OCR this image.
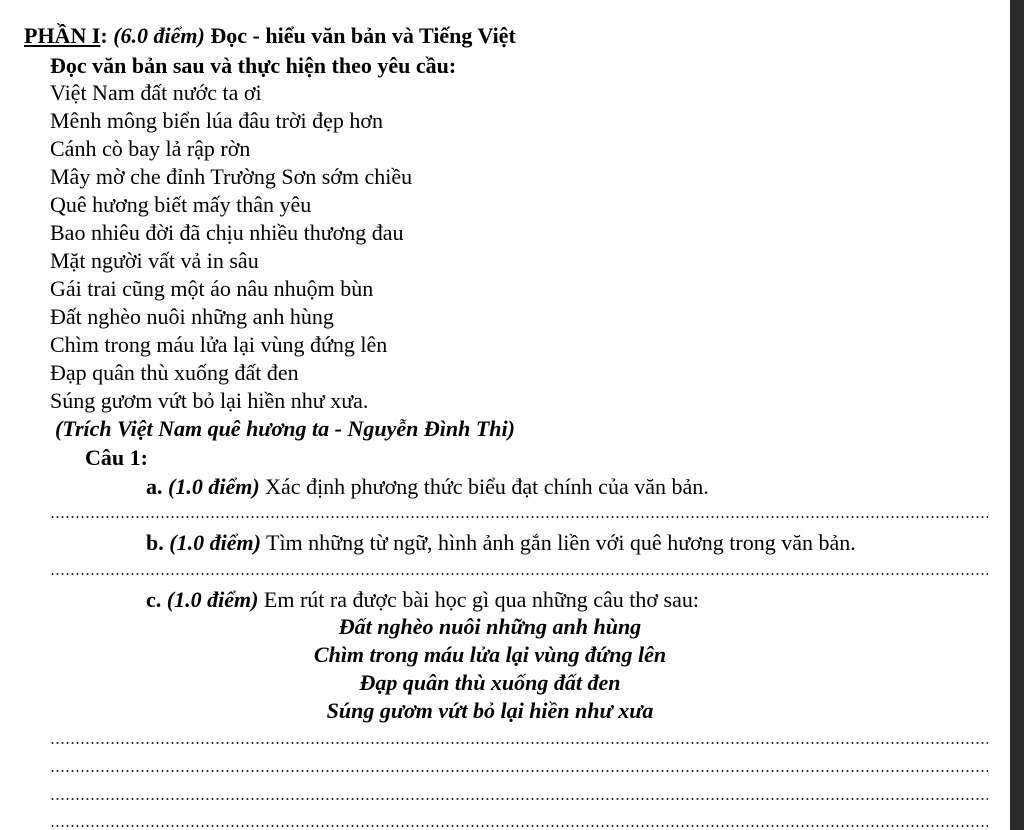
PHẦN I: (6.0 điểm) Đọc - hiểu văn bản và Tiếng Việt
Đọc văn bản sau và thực hiện theo yêu cầu:
Việt Nam đất nước ta ơi
Mênh mông biển lúa đâu trời đẹp hơn
Cánh cò bay lả rập rờn
Mây mờ che đỉnh Trường Sơn sớm chiều
Quê hương biết mấy thân yêu
Bao nhiêu đời đã chịu nhiều thương đau
Mặt người vất vả in sâu
Gái trai cũng một áo nâu nhuộm bùn
Đất nghèo nuôi những anh hùng
Chìm trong máu lửa lại vùng đứng lên
Đạp quân thù xuống đất đen
Súng gươm vứt bỏ lại hiền như xưa.
(Trích Việt Nam quê hương ta - Nguyễn Đình Thi)
Câu 1:
a. (1.0 điểm) Xác định phương thức biểu đạt chính của văn bản.
b. (1.0 điểm) Tìm những từ ngữ, hình ảnh gắn liền với quê hương trong văn bản.
c. (1.0 điểm) Em rút ra được bài học gì qua những câu thơ sau:
Đất nghèo nuôi những anh hùng
Chìm trong máu lửa lại vùng đứng lên
Đạp quân thù xuống đất đen
Súng gươm vứt bỏ lại hiền như xưa
